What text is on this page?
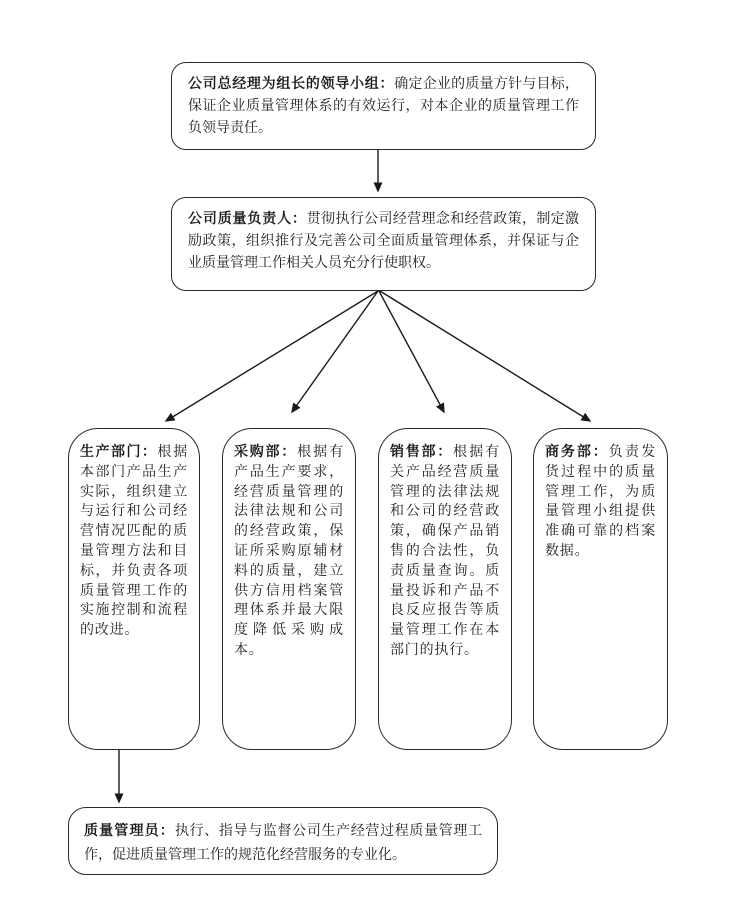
公司总经理为组长的领导小组：确定企业的质量方针与目标，保证企业质量管理体系的有效运行，对本企业的质量管理工作负领导责任。

公司质量负责人：贯彻执行公司经营理念和经营政策，制定激励政策，组织推行及完善公司全面质量管理体系，并保证与企业质量管理工作相关人员充分行使职权。

生产部门：根据本部门产品生产实际，组织建立与运行和公司经营情况匹配的质量管理方法和目标，并负责各项质量管理工作的实施控制和流程的改进。

采购部：根据有产品生产要求，经营质量管理的法律法规和公司的经营政策，保证所采购原辅材料的质量，建立供方信用档案管理体系并最大限度降低采购成本。

销售部：根据有关产品经营质量管理的法律法规和公司的经营政策，确保产品销售的合法性，负责质量查询。质量投诉和产品不良反应报告等质量管理工作在本部门的执行。

商务部：负责发货过程中的质量管理工作，为质量管理小组提供准确可靠的档案数据。

质量管理员：执行、指导与监督公司生产经营过程质量管理工作，促进质量管理工作的规范化经营服务的专业化。
